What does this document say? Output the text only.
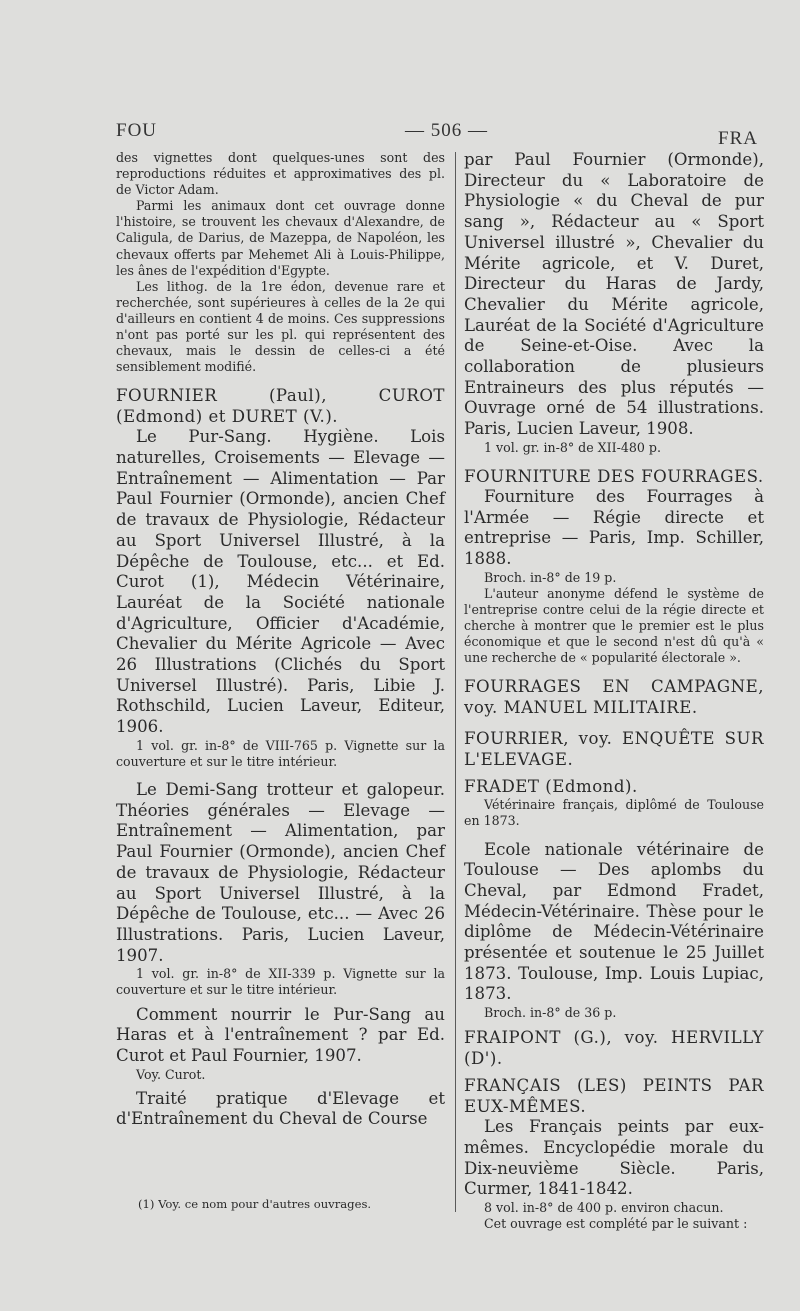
FOU	— 506 —	FRA

des vignettes dont quelques-unes sont des reproductions réduites et approximatives des pl. de Victor Adam.

Parmi les animaux dont cet ouvrage donne l'histoire, se trouvent les chevaux d'Alexandre, de Caligula, de Darius, de Mazeppa, de Napoléon, les chevaux offerts par Mehemet Ali à Louis-Philippe, les ânes de l'expédition d'Egypte.

Les lithog. de la 1re édon, devenue rare et recherchée, sont supérieures à celles de la 2e qui d'ailleurs en contient 4 de moins. Ces suppressions n'ont pas porté sur les pl. qui représentent des chevaux, mais le dessin de celles-ci a été sensiblement modifié.

FOURNIER (Paul), CUROT (Edmond) et DURET (V.).

Le Pur-Sang. Hygiène. Lois naturelles, Croisements — Elevage — Entraînement — Alimentation — Par Paul Fournier (Ormonde), ancien Chef de travaux de Physiologie, Rédacteur au Sport Universel Illustré, à la Dépêche de Toulouse, etc... et Ed. Curot (1), Médecin Vétérinaire, Lauréat de la Société nationale d'Agriculture, Officier d'Académie, Chevalier du Mérite Agricole — Avec 26 Illustrations (Clichés du Sport Universel Illustré). Paris, Libie J. Rothschild, Lucien Laveur, Editeur, 1906.

1 vol. gr. in-8° de VIII-765 p. Vignette sur la couverture et sur le titre intérieur.

Le Demi-Sang trotteur et galopeur. Théories générales — Elevage — Entraînement — Alimentation, par Paul Fournier (Ormonde), ancien Chef de travaux de Physiologie, Rédacteur au Sport Universel Illustré, à la Dépêche de Toulouse, etc... — Avec 26 Illustrations. Paris, Lucien Laveur, 1907.

1 vol. gr. in-8° de XII-339 p. Vignette sur la couverture et sur le titre intérieur.

Comment nourrir le Pur-Sang au Haras et à l'entraînement ? par Ed. Curot et Paul Fournier, 1907.

Voy. Curot.

Traité pratique d'Elevage et d'Entraînement du Cheval de Course

par Paul Fournier (Ormonde), Directeur du « Laboratoire de Physiologie « du Cheval de pur sang », Rédacteur au « Sport Universel illustré », Chevalier du Mérite agricole, et V. Duret, Directeur du Haras de Jardy, Chevalier du Mérite agricole, Lauréat de la Société d'Agriculture de Seine-et-Oise. Avec la collaboration de plusieurs Entraineurs des plus réputés — Ouvrage orné de 54 illustrations. Paris, Lucien Laveur, 1908.

1 vol. gr. in-8° de XII-480 p.

FOURNITURE DES FOURRAGES.

Fourniture des Fourrages à l'Armée — Régie directe et entreprise — Paris, Imp. Schiller, 1888.

Broch. in-8° de 19 p.

L'auteur anonyme défend le système de l'entreprise contre celui de la régie directe et cherche à montrer que le premier est le plus économique et que le second n'est dû qu'à « une recherche de « popularité électorale ».

FOURRAGES EN CAMPAGNE, voy. MANUEL MILITAIRE.

FOURRIER, voy. ENQUÊTE SUR L'ELEVAGE.

FRADET (Edmond).

Vétérinaire français, diplômé de Toulouse en 1873.

Ecole nationale vétérinaire de Toulouse — Des aplombs du Cheval, par Edmond Fradet, Médecin-Vétérinaire. Thèse pour le diplôme de Médecin-Vétérinaire présentée et soutenue le 25 Juillet 1873. Toulouse, Imp. Louis Lupiac, 1873.

Broch. in-8° de 36 p.

FRAIPONT (G.), voy. HERVILLY (D').

FRANÇAIS (LES) PEINTS PAR EUX-MÊMES.

Les Français peints par eux-mêmes. Encyclopédie morale du Dix-neuvième Siècle. Paris, Curmer, 1841-1842.

8 vol. in-8° de 400 p. environ chacun.

Cet ouvrage est complété par le suivant :

(1) Voy. ce nom pour d'autres ouvrages.
